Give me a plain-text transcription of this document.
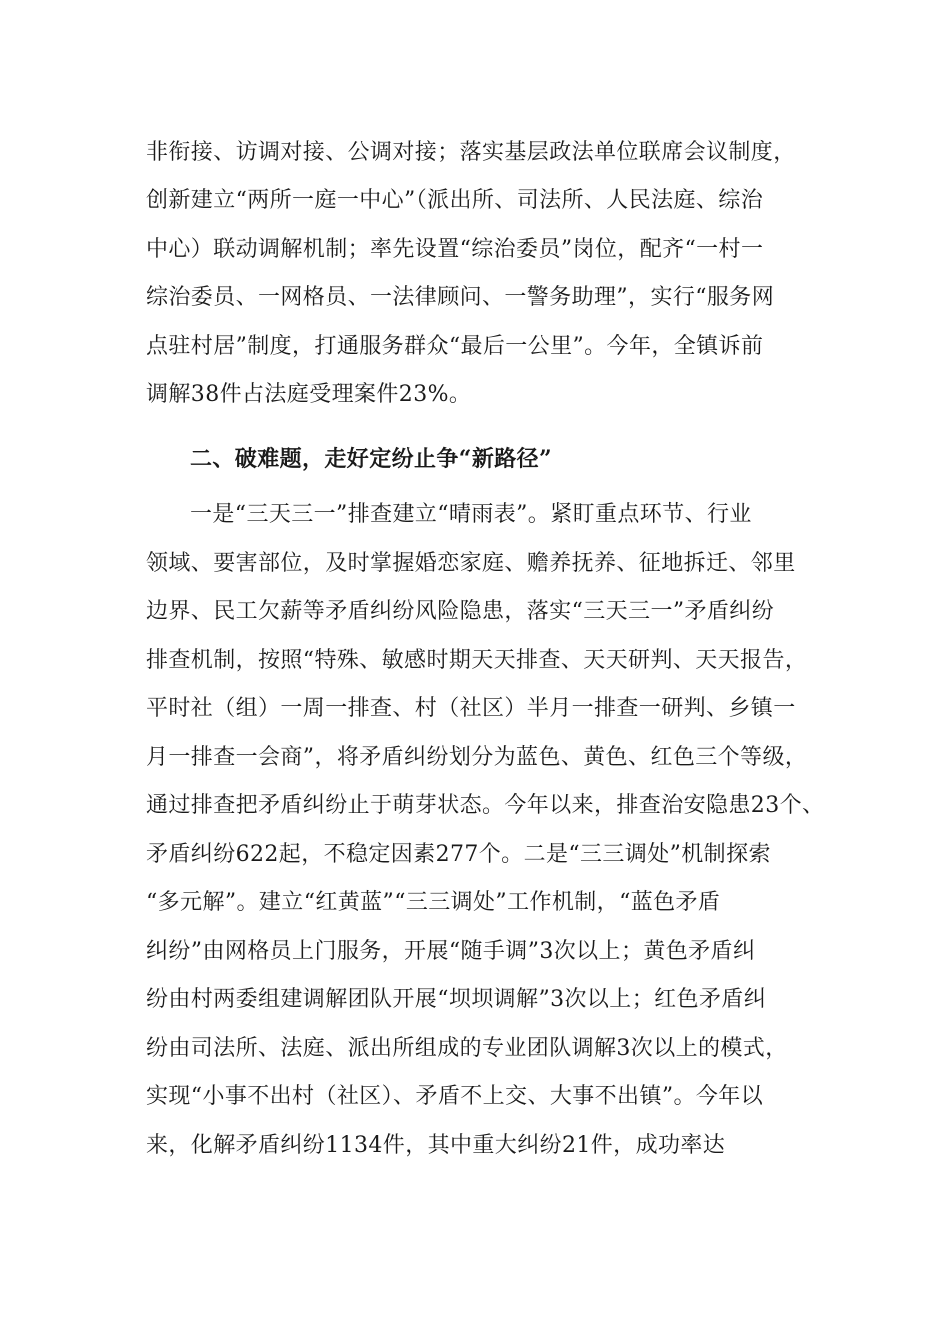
非衔接、访调对接、公调对接；落实基层政法单位联席会议制度，
创新建立“两所一庭一中心”（派出所、司法所、人民法庭、综治
中心）联动调解机制；率先设置“综治委员”岗位，配齐“一村一
综治委员、一网格员、一法律顾问、一警务助理”，实行“服务网
点驻村居”制度，打通服务群众“最后一公里”。今年，全镇诉前
调解38件占法庭受理案件23%。
二、破难题，走好定纷止争“新路径”
一是“三天三一”排查建立“晴雨表”。紧盯重点环节、行业
领域、要害部位，及时掌握婚恋家庭、赡养抚养、征地拆迁、邻里
边界、民工欠薪等矛盾纠纷风险隐患，落实“三天三一”矛盾纠纷
排查机制，按照“特殊、敏感时期天天排查、天天研判、天天报告，
平时社（组）一周一排查、村（社区）半月一排查一研判、乡镇一
月一排查一会商”，将矛盾纠纷划分为蓝色、黄色、红色三个等级，
通过排查把矛盾纠纷止于萌芽状态。今年以来，排查治安隐患23个、
矛盾纠纷622起，不稳定因素277个。二是“三三调处”机制探索
“多元解”。建立“红黄蓝”“三三调处”工作机制，“蓝色矛盾
纠纷”由网格员上门服务，开展“随手调”3次以上；黄色矛盾纠
纷由村两委组建调解团队开展“坝坝调解”3次以上；红色矛盾纠
纷由司法所、法庭、派出所组成的专业团队调解3次以上的模式，
实现“小事不出村（社区）、矛盾不上交、大事不出镇”。今年以
来，化解矛盾纠纷1134件，其中重大纠纷21件，成功率达
